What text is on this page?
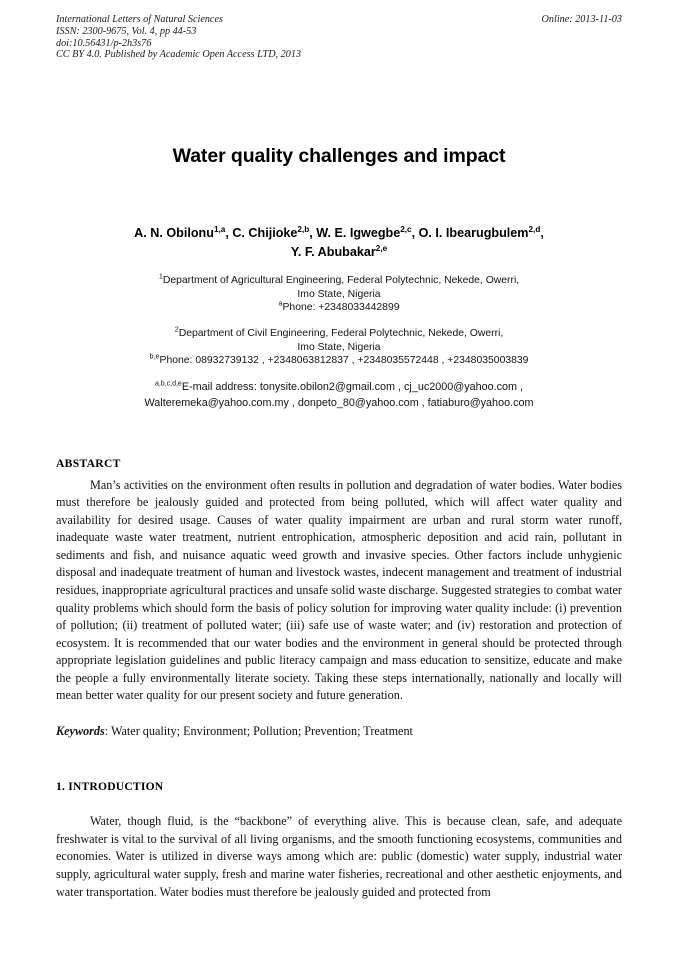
International Letters of Natural Sciences
ISSN: 2300-9675, Vol. 4, pp 44-53
doi:10.56431/p-2h3s76
CC BY 4.0. Published by Academic Open Access LTD, 2013
Online: 2013-11-03
Water quality challenges and impact
A. N. Obilonu$^{1,a}$, C. Chijioke$^{2,b}$, W. E. Igwegbe$^{2,c}$, O. I. Ibearugbulem$^{2,d}$,
Y. F. Abubakar$^{2,e}$
$^1$Department of Agricultural Engineering, Federal Polytechnic, Nekede, Owerri,
Imo State, Nigeria
$^a$Phone: +2348033442899
$^2$Department of Civil Engineering, Federal Polytechnic, Nekede, Owerri,
Imo State, Nigeria
$^{b,e}$Phone: 08932739132 , +2348063812837 , +2348035572448 , +2348035003839
$^{a,b,c,d,e}$E-mail address: tonysite.obilon2@gmail.com , cj_uc2000@yahoo.com ,
Walteremeka@yahoo.com.my , donpeto_80@yahoo.com , fatiaburo@yahoo.com
ABSTARCT
Man’s activities on the environment often results in pollution and degradation of water bodies. Water bodies must therefore be jealously guided and protected from being polluted, which will affect water quality and availability for desired usage. Causes of water quality impairment are urban and rural storm water runoff, inadequate waste water treatment, nutrient entrophication, atmospheric deposition and acid rain, pollutant in sediments and fish, and nuisance aquatic weed growth and invasive species. Other factors include unhygienic disposal and inadequate treatment of human and livestock wastes, indecent management and treatment of industrial residues, inappropriate agricultural practices and unsafe solid waste discharge. Suggested strategies to combat water quality problems which should form the basis of policy solution for improving water quality include: (i) prevention of pollution; (ii) treatment of polluted water; (iii) safe use of waste water; and (iv) restoration and protection of ecosystem. It is recommended that our water bodies and the environment in general should be protected through appropriate legislation guidelines and public literacy campaign and mass education to sensitize, educate and make the people a fully environmentally literate society. Taking these steps internationally, nationally and locally will mean better water quality for our present society and future generation.
Keywords: Water quality; Environment; Pollution; Prevention; Treatment
1. INTRODUCTION
Water, though fluid, is the “backbone” of everything alive. This is because clean, safe, and adequate freshwater is vital to the survival of all living organisms, and the smooth functioning ecosystems, communities and economies. Water is utilized in diverse ways among which are: public (domestic) water supply, industrial water supply, agricultural water supply, fresh and marine water fisheries, recreational and other aesthetic enjoyments, and water transportation. Water bodies must therefore be jealously guided and protected from
